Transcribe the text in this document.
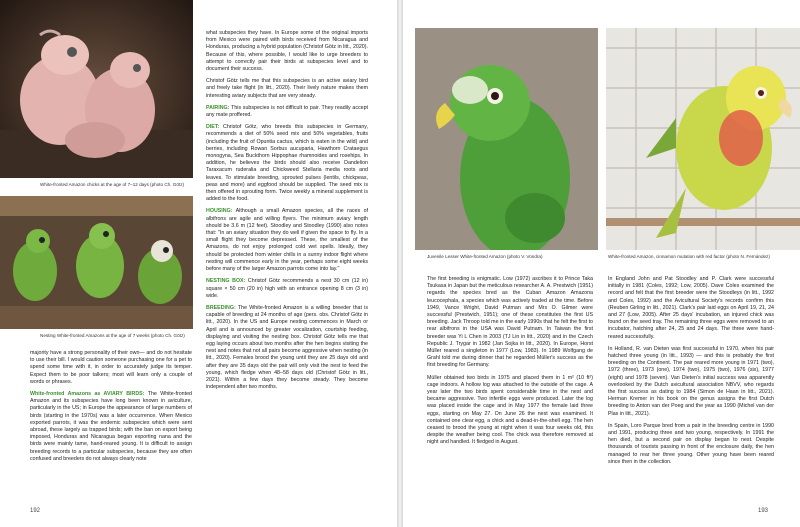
White-fronted Amazon chicks at the age of 7–12 days (photo Ch. Götz)
Nesting White-fronted Amazons at the age of 7 weeks (photo Ch. Götz)

majority have a strong personality of their own— and do not hesitate to use their bill. I would caution someone purchasing one for a pet to spend some time with it, in order to accurately judge its temper. Expect them to be poor talkers; most will learn only a couple of words or phrases.

White-fronted Amazons as AVIARY BIRDS: The White-fronted Amazon and its subspecies have long been known in aviculture, particularly in the US; in Europe the appearance of large numbers of birds (starting in the 1970s) was a later occurrence. When Mexico exported parrots, it was the endemic subspecies which were sent abroad, these largely as trapped birds; with the ban on export being imposed, Honduras and Nicaragua began exporting nana and the birds were mainly tame, hand-reared young. It is difficult to assign breeding records to a particular subspecies, because they are often confused and breeders do not always clearly note

what subspecies they have. In Europe some of the original imports from Mexico were paired with birds received from Nicaragua and Honduras, producing a hybrid population (Christof Götz in litt., 2020). Because of this, where possible, I would like to urge breeders to attempt to correctly pair their birds at subspecies level and to document their success.

Christof Götz tells me that this subspecies is an active aviary bird and freely take flight (in litt., 2020). Their lively nature makes them interesting aviary subjects that are very steady.

PAIRING: This subspecies is not difficult to pair. They readily accept any mate proffered.

DIET: Christof Götz, who breeds this subspecies in Germany, recommends a diet of 50% seed mix and 50% vegetables, fruits (including the fruit of Opuntia cactus, which is eaten in the wild) and berries, including Rowan Sorbus aucuparia, Hawthorn Crataegus monogyna, Sea Buckthorn Hippophae rhamnoides and rosehips. In addition, he believes the birds should also receive Dandelion Taraxacum ruderalia and Chickweed Stellaria media roots and leaves. To stimulate breeding, sprouted pulses (lentils, chickpeas, peas and more) and eggfood should be supplied. The seed mix is then offered in sprouting form. Twice weekly a mineral supplement is added to the food.

HOUSING: Although a small Amazon species, all the races of albifrons are agile and willing flyers. The minimum aviary length should be 3.6 m (12 feet). Stoodley and Stoodley (1990) also notes that: "In an aviary situation they do well if given the space to fly. In a small flight they become depressed. These, the smallest of the Amazons, do not enjoy prolonged cold wet spells. Ideally, they should be protected from winter chills in a sunny indoor flight where nesting will commence early in the year, perhaps some eight weeks before many of the larger Amazon parrots come into lay."

NESTING BOX: Christof Götz recommends a nest 30 cm (12 in) square × 50 cm (20 in) high with an entrance opening 8 cm (3 in) wide.

BREEDING: The White-fronted Amazon is a willing breeder that is capable of breeding at 24 months of age (pers. obs. Christof Götz in litt., 2020). In the US and Europe nesting commences in March or April and is announced by greater vocalization, courtship feeding, displaying and visiting the nesting box. Christof Götz tells me that egg laying occurs about two months after the hen begins visiting the nest and notes that not all pairs become aggressive when nesting (in litt., 2020). Females brood the young until they are 25 days old and after they are 35 days old the pair will only visit the nest to feed the young, which fledge when 48–58 days old (Christof Götz in litt., 2021). Within a few days they become steady. They become independent after two months.

192
Juvenile Lesser White-fronted Amazon (photo V. Vondra)	White-fronted Amazon, cinnamon mutation with red factor (photo N. Fernández)

The first breeding is enigmatic. Low (1972) ascribes it to Prince Taka Tsukasa in Japan but the meticulous researcher A. A. Prestwich (1951) regards the species bred as the Cuban Amazon Amazona leucocephala, a species which was actively traded at the time. Before 1949, Vance Wright, David Putman and Mrs O. Gilmer were successful (Prestwich, 1951); one of these constitutes the first US breeding. Jack Throop told me in the early 1990s that he felt the first to rear albifrons in the USA was David Putnam. In Taiwan the first breeder was Yi L Chen in 2003 (TJ Lin in litt., 2020) and in the Czech Republic J. Trygar in 1982 (Jan Sojka in litt., 2020). In Europe, Horst Müller reared a singleton in 1977 (Low, 1983). In 1989 Wolfgang de Grahl told me during dinner that he regarded Müller's success as the first breeding for Germany.

Müller obtained two birds in 1975 and placed them in 1 m² (10 ft²) cage indoors. A hollow log was attached to the outside of the cage. A year later the two birds spent considerable time in the nest and became aggressive. Two infertile eggs were produced. Later the log was placed inside the cage and in May 1977 the female laid three eggs, starting on May 27. On June 26 the nest was examined. It contained one clear egg, a chick and a dead-in-the-shell egg. The hen ceased to brood the young at night when it was four weeks old, this despite the weather being cool. The chick was therefore removed at night and handled. It fledged in August.

In England John and Pat Stoodley and P. Clark were successful initially in 1981 (Coles, 1992; Low, 2005). Dave Coles examined the record and felt that the first breeder were the Stoodleys (in litt., 1992 and Coles, 1992) and the Avicultural Society's records confirm this (Reuben Girling in litt., 2021). Clark's pair laid eggs on April 19, 21, 24 and 27 (Low, 2005). After 25 days' incubation, an injured chick was found on the seed tray. The remaining three eggs were removed to an incubator, hatching after 24, 25 and 24 days. The three were hand-reared successfully.

In Holland, R. van Dieten was first successful in 1970, when his pair hatched three young (in litt., 1993) — and this is probably the first breeding on the Continent. The pair reared more young in 1971 (two), 1972 (three), 1973 (one), 1974 (two), 1975 (two), 1976 (six), 1977 (eight) and 1978 (seven). Van Dieten's initial success was apparently overlooked by the Dutch avicultural association NBVV, who regards the first success as dating to 1984 (Simon de Haan in litt., 2021). Herman Kremer in his book on the genus assigns the first Dutch breeding to Anton van der Poeg and the year as 1990 (Michel van der Plas in litt., 2021).

In Spain, Loro Parque bred from a pair in the breeding centre in 1990 and 1991, producing three and two young, respectively. In 1991 the hen died, but a second pair on display began to nest. Despite thousands of tourists passing in front of the enclosure daily, the hen managed to rear her three young. Other young have been reared since then in the collection.

193
